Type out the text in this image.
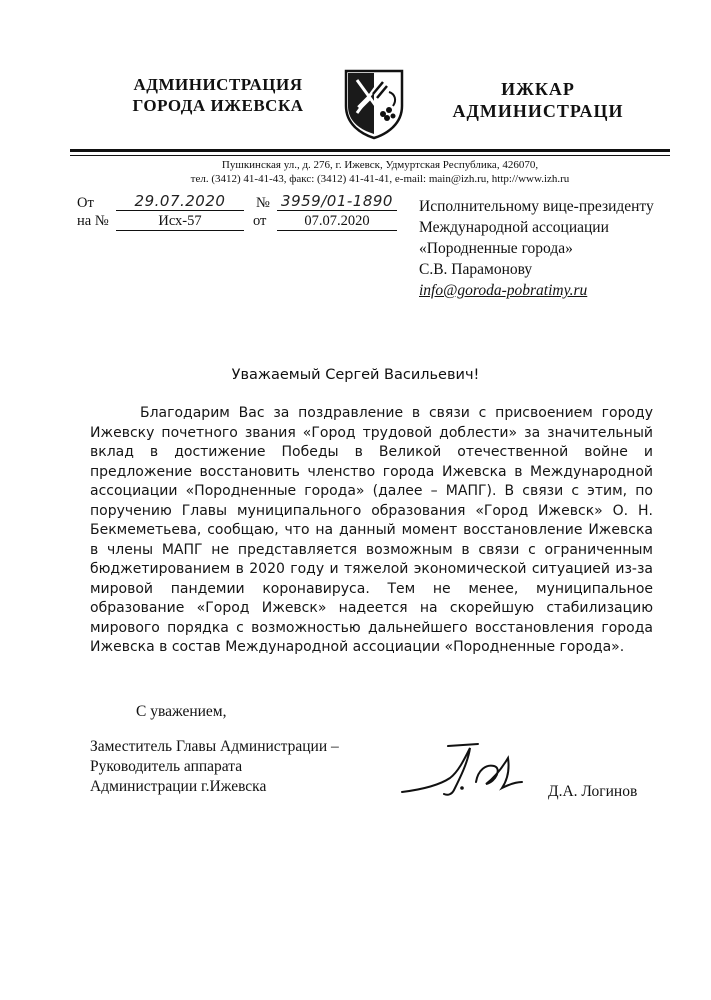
АДМИНИСТРАЦИЯ
ГОРОДА ИЖЕВСКА
ИЖКАР
АДМИНИСТРАЦИ
Пушкинская ул., д. 276, г. Ижевск, Удмуртская Республика, 426070,
тел. (3412) 41-41-43, факс: (3412) 41-41-41, e-mail: main@izh.ru, http://www.izh.ru
От	29.07.2020	№ 3959/01-1890
на №	Исх-57	от	07.07.2020
Исполнительному вице-президенту
Международной ассоциации
«Породненные города»
С.В. Парамонову
info@goroda-pobratimy.ru
Уважаемый Сергей Васильевич!
Благодарим Вас за поздравление в связи с присвоением городу Ижевску почетного звания «Город трудовой доблести» за значительный вклад в достижение Победы в Великой отечественной войне и предложение восстановить членство города Ижевска в Международной ассоциации «Породненные города» (далее – МАПГ). В связи с этим, по поручению Главы муниципального образования «Город Ижевск» О. Н. Бекмеметьева, сообщаю, что на данный момент восстановление Ижевска в члены МАПГ не представляется возможным в связи с ограниченным бюджетированием в 2020 году и тяжелой экономической ситуацией из-за мировой пандемии коронавируса. Тем не менее, муниципальное образование «Город Ижевск» надеется на скорейшую стабилизацию мирового порядка с возможностью дальнейшего восстановления города Ижевска в состав Международной ассоциации «Породненные города».
С уважением,
Заместитель Главы Администрации –
Руководитель аппарата
Администрации г.Ижевска	Д.А. Логинов
